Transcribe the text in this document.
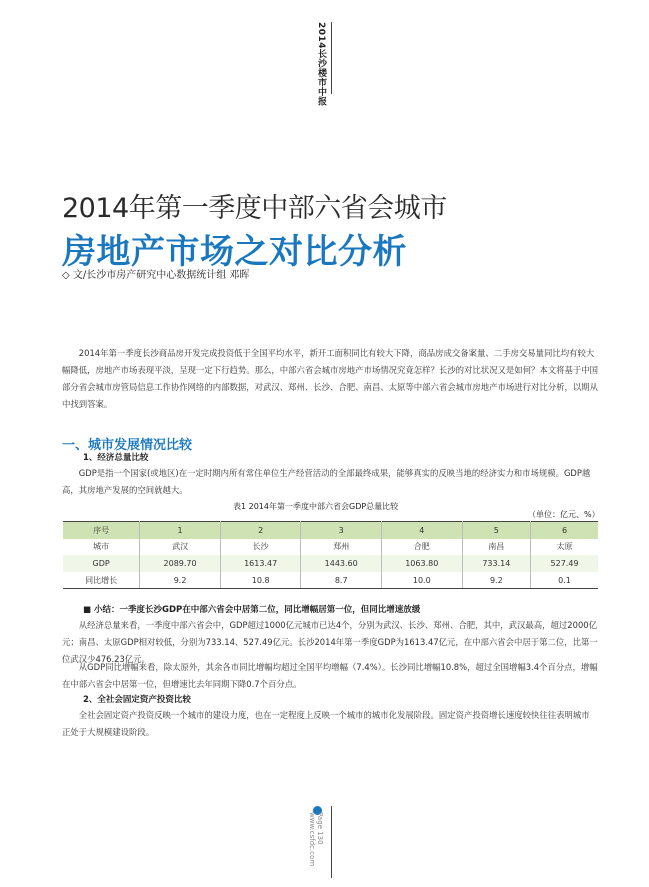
2014长沙楼市中报
2014年第一季度中部六省会城市
房地产市场之对比分析
◇ 文/长沙市房产研究中心数据统计组 邓晖
2014年第一季度长沙商品房开发完成投资低于全国平均水平，新开工面积同比有较大下降，商品房成交备案量、二手房交易量同比均有较大幅降低，房地产市场表现平淡，呈现一定下行趋势。那么，中部六省会城市房地产市场情况究竟怎样？长沙的对比状况又是如何？本文将基于中国部分省会城市房管局信息工作协作网络的内部数据，对武汉、郑州、长沙、合肥、南昌、太原等中部六省会城市房地产市场进行对比分析，以期从中找到答案。
一、城市发展情况比较
1、经济总量比较
GDP是指一个国家(或地区)在一定时期内所有常住单位生产经营活动的全部最终成果，能够真实的反映当地的经济实力和市场规模。GDP越高，其房地产发展的空间就越大。
表1 2014年第一季度中部六省会GDP总量比较
（单位：亿元、%）
序号	1	2	3	4	5	6
城市	武汉	长沙	郑州	合肥	南昌	太原
GDP	2089.70	1613.47	1443.60	1063.80	733.14	527.49
同比增长	9.2	10.8	8.7	10.0	9.2	0.1
■ 小结：一季度长沙GDP在中部六省会中居第二位，同比增幅居第一位，但同比增速放缓
从经济总量来看，一季度中部六省会中，GDP超过1000亿元城市已达4个，分别为武汉、长沙、郑州、合肥，其中，武汉最高，超过2000亿元；南昌、太原GDP相对较低，分别为733.14、527.49亿元。长沙2014年第一季度GDP为1613.47亿元，在中部六省会中居于第二位，比第一位武汉少476.23亿元。
从GDP同比增幅来看，除太原外，其余各市同比增幅均超过全国平均增幅（7.4%）。长沙同比增幅10.8%，超过全国增幅3.4个百分点，增幅在中部六省会中居第一位，但增速比去年同期下降0.7个百分点。
2、全社会固定资产投资比较
全社会固定资产投资反映一个城市的建设力度，也在一定程度上反映一个城市的城市化发展阶段。固定资产投资增长速度较快往往表明城市正处于大规模建设阶段。
Page 130 www.csfdc.com
